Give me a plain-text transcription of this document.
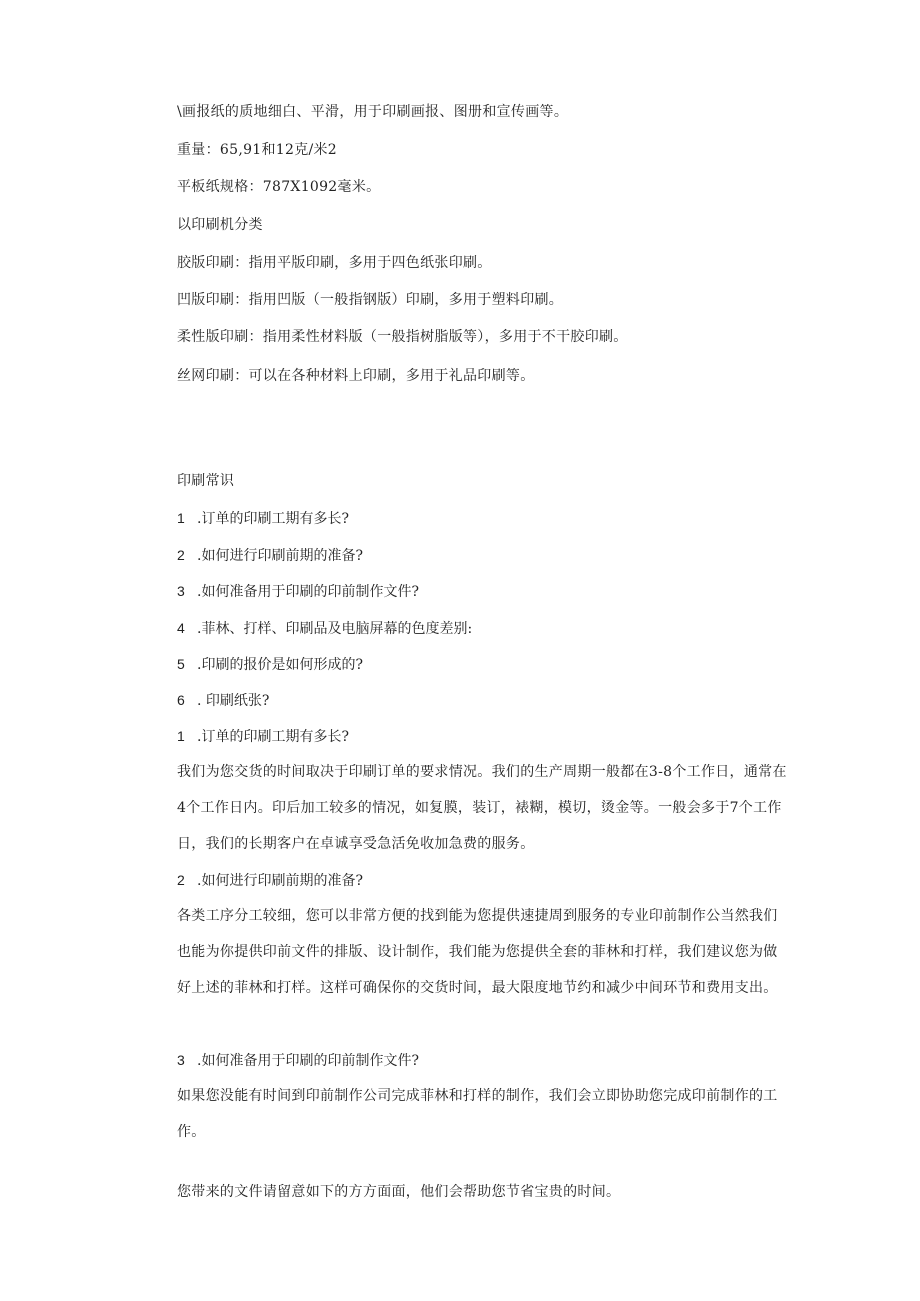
\画报纸的质地细白、平滑，用于印刷画报、图册和宣传画等。
重量：65,91和12克/米2
平板纸规格：787X1092毫米。
以印刷机分类
胶版印刷：指用平版印刷，多用于四色纸张印刷。
凹版印刷：指用凹版（一般指钢版）印刷，多用于塑料印刷。
柔性版印刷：指用柔性材料版（一般指树脂版等），多用于不干胶印刷。
丝网印刷：可以在各种材料上印刷，多用于礼品印刷等。
印刷常识
1 .订单的印刷工期有多长?
2 .如何进行印刷前期的准备?
3 .如何准备用于印刷的印前制作文件?
4 .菲林、打样、印刷品及电脑屏幕的色度差别:
5 .印刷的报价是如何形成的?
6 . 印刷纸张?
1 .订单的印刷工期有多长?
我们为您交货的时间取决于印刷订单的要求情况。我们的生产周期一般都在3-8个工作日，通常在4个工作日内。印后加工较多的情况，如复膜，装订，裱糊，模切，烫金等。一般会多于7个工作日，我们的长期客户在卓诚享受急活免收加急费的服务。
2 .如何进行印刷前期的准备?
各类工序分工较细，您可以非常方便的找到能为您提供速捷周到服务的专业印前制作公当然我们也能为你提供印前文件的排版、设计制作，我们能为您提供全套的菲林和打样，我们建议您为做好上述的菲林和打样。这样可确保你的交货时间，最大限度地节约和减少中间环节和费用支出。
3 .如何准备用于印刷的印前制作文件?
如果您没能有时间到印前制作公司完成菲林和打样的制作，我们会立即协助您完成印前制作的工作。
您带来的文件请留意如下的方方面面，他们会帮助您节省宝贵的时间。
